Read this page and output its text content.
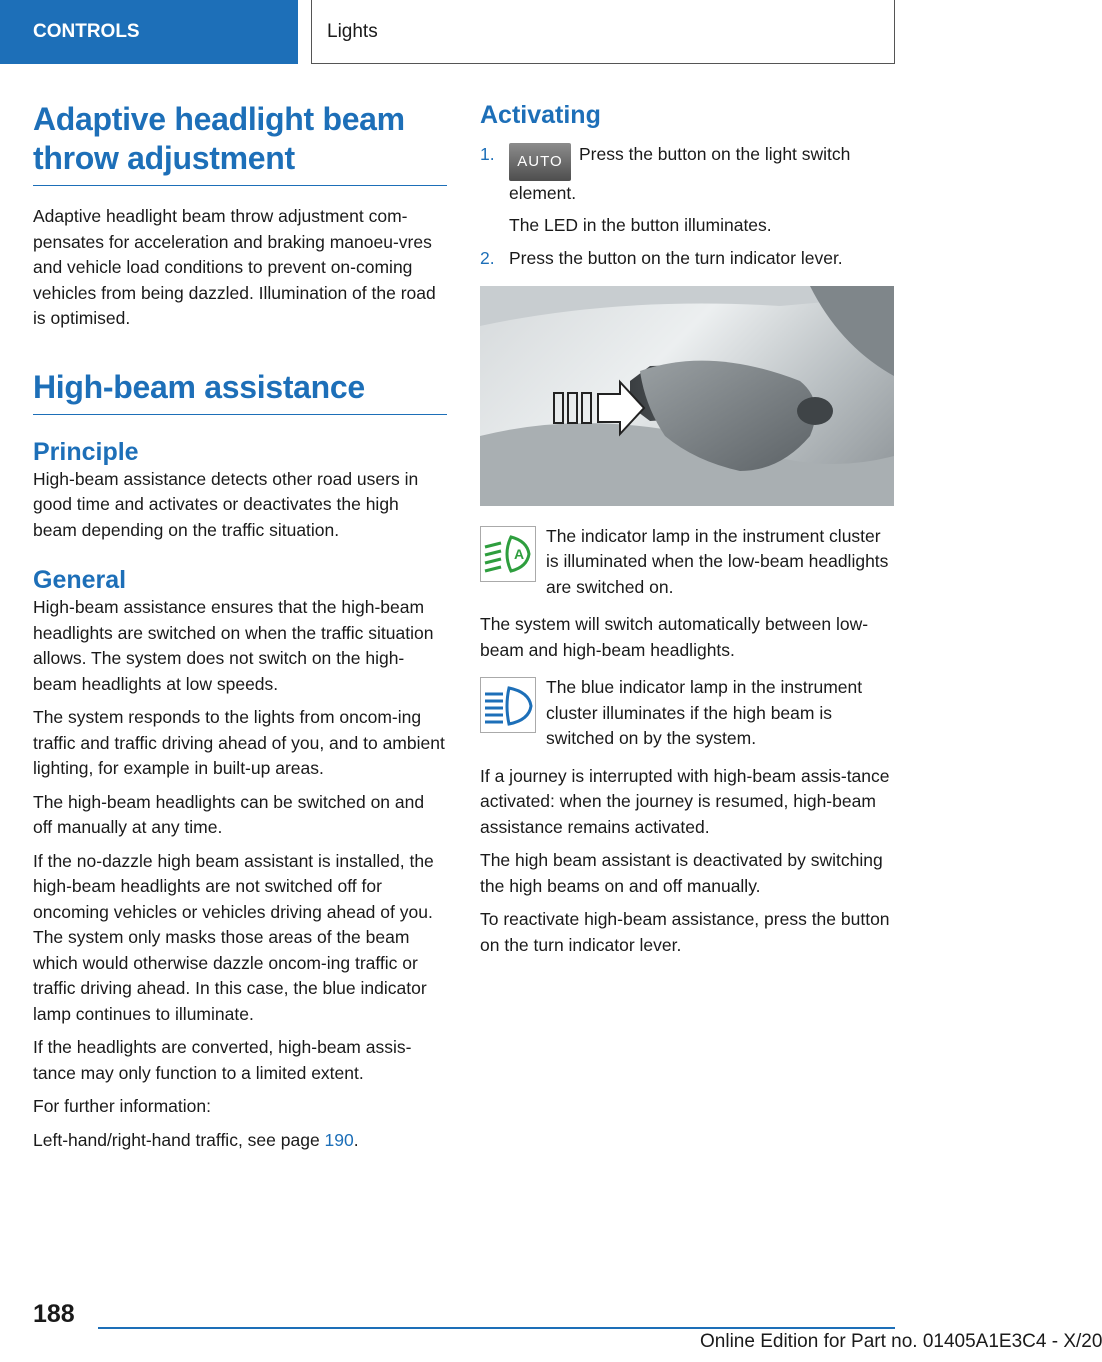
CONTROLS	Lights
Adaptive headlight beam throw adjustment

Adaptive headlight beam throw adjustment com-pensates for acceleration and braking manoeu-vres and vehicle load conditions to prevent on-coming vehicles from being dazzled. Illumination of the road is optimised.

High-beam assistance
Principle

High-beam assistance detects other road users in good time and activates or deactivates the high beam depending on the traffic situation.

General

High-beam assistance ensures that the high-beam headlights are switched on when the traffic situation allows. The system does not switch on the high-beam headlights at low speeds.

The system responds to the lights from oncom-ing traffic and traffic driving ahead of you, and to ambient lighting, for example in built-up areas.

The high-beam headlights can be switched on and off manually at any time.

If the no-dazzle high beam assistant is installed, the high-beam headlights are not switched off for oncoming vehicles or vehicles driving ahead of you. The system only masks those areas of the beam which would otherwise dazzle oncom-ing traffic or traffic driving ahead. In this case, the blue indicator lamp continues to illuminate.

If the headlights are converted, high-beam assis-tance may only function to a limited extent.

For further information:

Left-hand/right-hand traffic, see page 190.

Activating
1.	AUTO Press the button on the light switch element.
The LED in the button illuminates.
2. Press the button on the turn indicator lever.
A
The indicator lamp in the instrument cluster is illuminated when the low-beam headlights are switched on.

The system will switch automatically between low-beam and high-beam headlights.

The blue indicator lamp in the instrument cluster illuminates if the high beam is switched on by the system.

If a journey is interrupted with high-beam assis-tance activated: when the journey is resumed, high-beam assistance remains activated.

The high beam assistant is deactivated by switching the high beams on and off manually.

To reactivate high-beam assistance, press the button on the turn indicator lever.

188
Online Edition for Part no. 01405A1E3C4 - X/20
